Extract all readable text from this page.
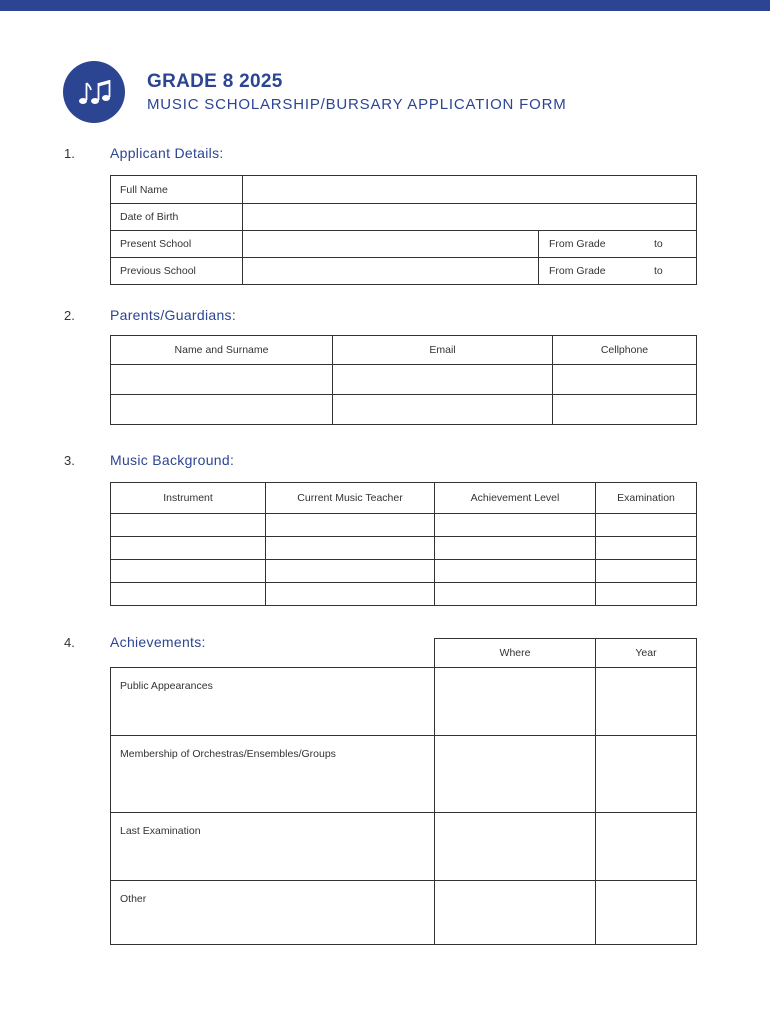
GRADE 8 2025
MUSIC SCHOLARSHIP/BURSARY APPLICATION FORM
1.	Applicant Details:
Full Name		
Date of Birth		
Present School		From Grade to

Previous School		From Grade to
2.	Parents/Guardians:
Name and Surname	Email	Cellphone

3.	Music Background:
Instrument	Current Music Teacher	Achievement Level	Examination

4.	Achievements:
	Where	Year
Public Appearances		
Membership of Orchestras/Ensembles/Groups		
Last Examination		
Other		
